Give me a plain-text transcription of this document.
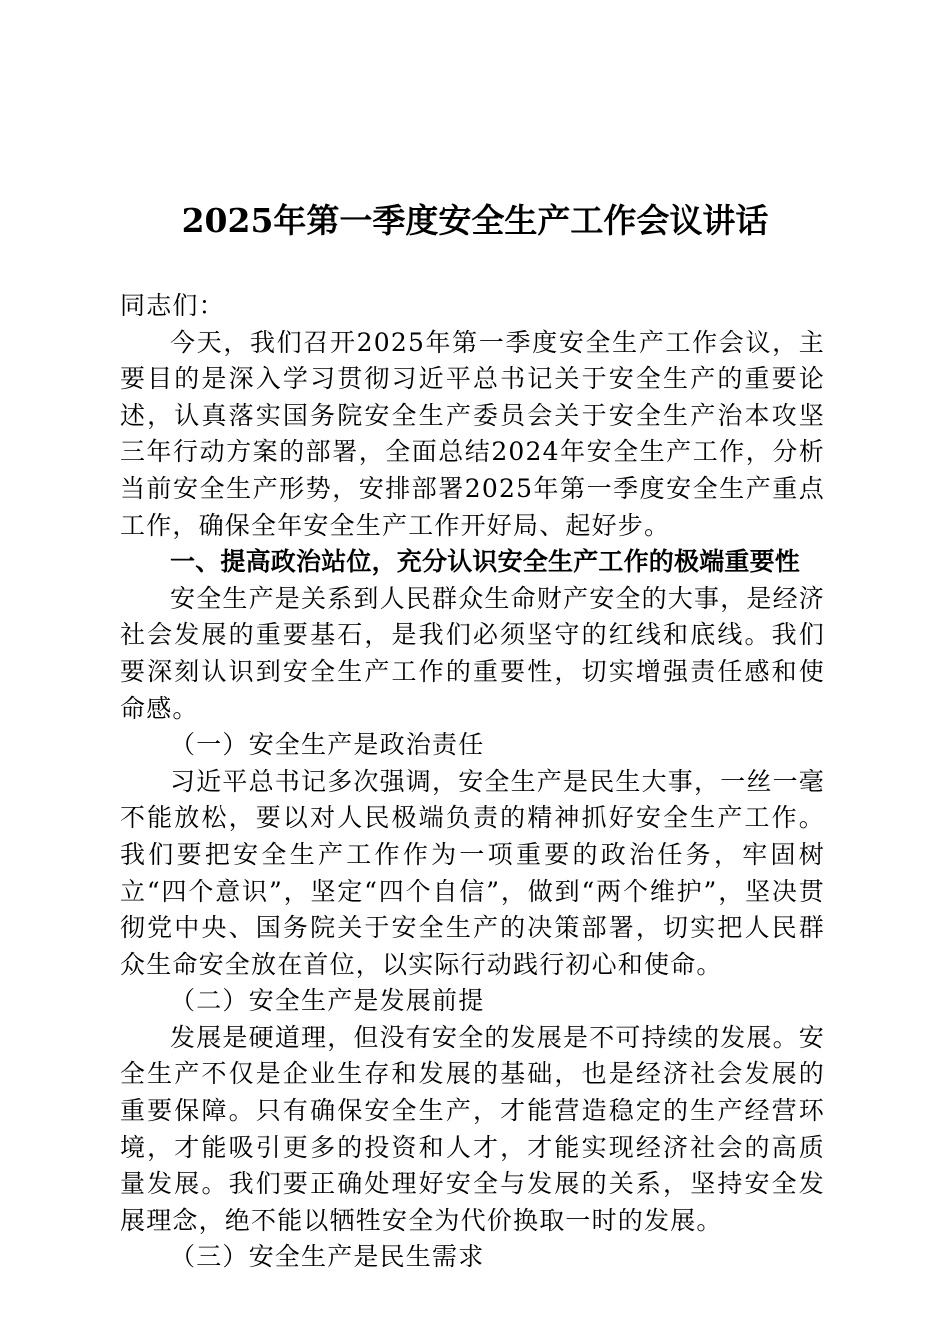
2025年第一季度安全生产工作会议讲话

同志们：

今天，我们召开2025年第一季度安全生产工作会议，主要目的是深入学习贯彻习近平总书记关于安全生产的重要论述，认真落实国务院安全生产委员会关于安全生产治本攻坚三年行动方案的部署，全面总结2024年安全生产工作，分析当前安全生产形势，安排部署2025年第一季度安全生产重点工作，确保全年安全生产工作开好局、起好步。

一、提高政治站位，充分认识安全生产工作的极端重要性

安全生产是关系到人民群众生命财产安全的大事，是经济社会发展的重要基石，是我们必须坚守的红线和底线。我们要深刻认识到安全生产工作的重要性，切实增强责任感和使命感。

（一）安全生产是政治责任

习近平总书记多次强调，安全生产是民生大事，一丝一毫不能放松，要以对人民极端负责的精神抓好安全生产工作。我们要把安全生产工作作为一项重要的政治任务，牢固树立“四个意识”，坚定“四个自信”，做到“两个维护”，坚决贯彻党中央、国务院关于安全生产的决策部署，切实把人民群众生命安全放在首位，以实际行动践行初心和使命。

（二）安全生产是发展前提

发展是硬道理，但没有安全的发展是不可持续的发展。安全生产不仅是企业生存和发展的基础，也是经济社会发展的重要保障。只有确保安全生产，才能营造稳定的生产经营环境，才能吸引更多的投资和人才，才能实现经济社会的高质量发展。我们要正确处理好安全与发展的关系，坚持安全发展理念，绝不能以牺牲安全为代价换取一时的发展。

（三）安全生产是民生需求
